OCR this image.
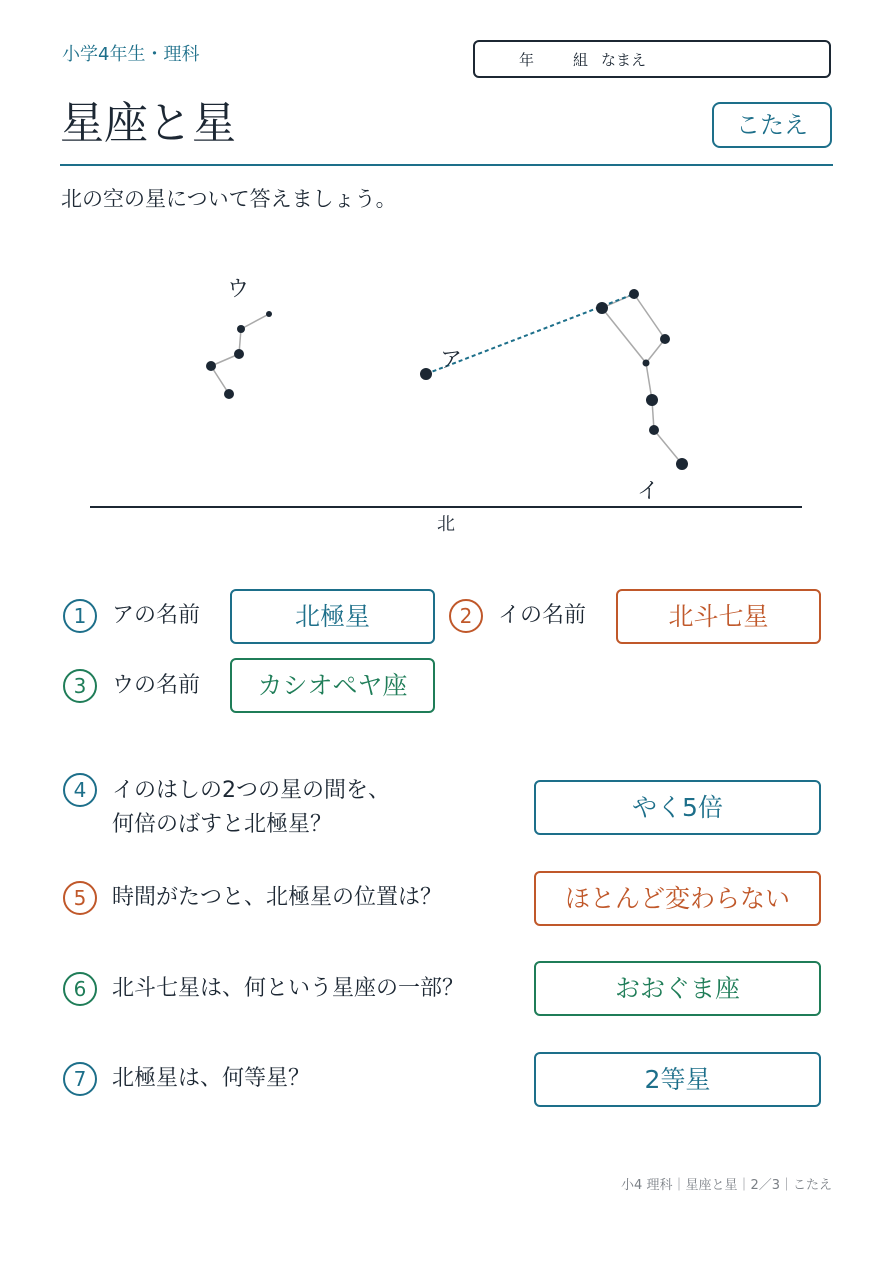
小学4年生・理科	年	組 なまえ
星座と星	こたえ
北の空の星について答えましょう。
ウ
ア
イ
北
1	アの名前	北極星	2	イの名前	北斗七星
3	ウの名前	カシオペヤ座
4	イのはしの2つの星の間を、
何倍のばすと北極星？
やく5倍
5	時間がたつと、北極星の位置は？	ほとんど変わらない
6	北斗七星は、何という星座の一部？	おおぐま座
7	北極星は、何等星？	2等星
小4 理科｜星座と星｜2／3｜こたえ
